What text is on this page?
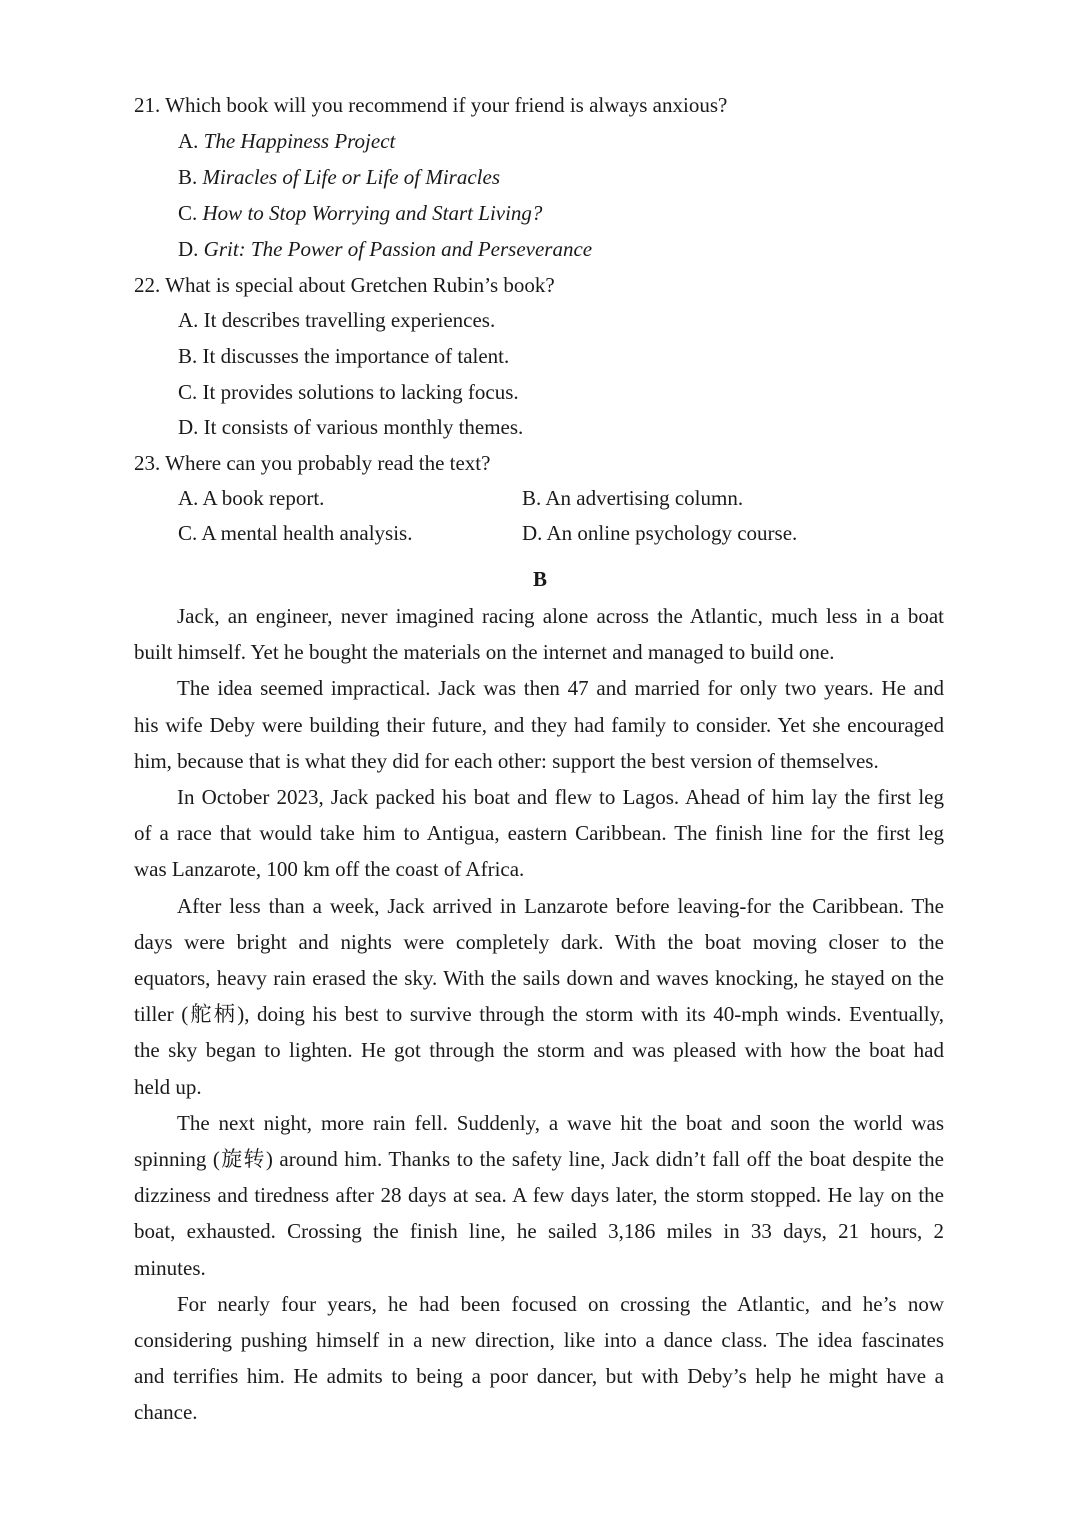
21. Which book will you recommend if your friend is always anxious?
A. The Happiness Project
B. Miracles of Life or Life of Miracles
C. How to Stop Worrying and Start Living?
D. Grit: The Power of Passion and Perseverance
22. What is special about Gretchen Rubin’s book?
A. It describes travelling experiences.
B. It discusses the importance of talent.
C. It provides solutions to lacking focus.
D. It consists of various monthly themes.
23. Where can you probably read the text?
A. A book report.	B. An advertising column.
C. A mental health analysis.	D. An online psychology course.
B
Jack, an engineer, never imagined racing alone across the Atlantic, much less in a boat
built himself. Yet he bought the materials on the internet and managed to build one.
The idea seemed impractical. Jack was then 47 and married for only two years. He and
his wife Deby were building their future, and they had family to consider. Yet she encouraged
him, because that is what they did for each other: support the best version of themselves.
In October 2023, Jack packed his boat and flew to Lagos. Ahead of him lay the first leg
of a race that would take him to Antigua, eastern Caribbean. The finish line for the first leg
was Lanzarote, 100 km off the coast of Africa.
After less than a week, Jack arrived in Lanzarote before leaving-for the Caribbean. The
days were bright and nights were completely dark. With the boat moving closer to the
equators, heavy rain erased the sky. With the sails down and waves knocking, he stayed on the
tiller (舵柄), doing his best to survive through the storm with its 40-mph winds. Eventually,
the sky began to lighten. He got through the storm and was pleased with how the boat had
held up.
The next night, more rain fell. Suddenly, a wave hit the boat and soon the world was
spinning (旋转) around him. Thanks to the safety line, Jack didn’t fall off the boat despite the
dizziness and tiredness after 28 days at sea. A few days later, the storm stopped. He lay on the
boat, exhausted. Crossing the finish line, he sailed 3,186 miles in 33 days, 21 hours, 2
minutes.
For nearly four years, he had been focused on crossing the Atlantic, and he’s now
considering pushing himself in a new direction, like into a dance class. The idea fascinates
and terrifies him. He admits to being a poor dancer, but with Deby’s help he might have a
chance.
